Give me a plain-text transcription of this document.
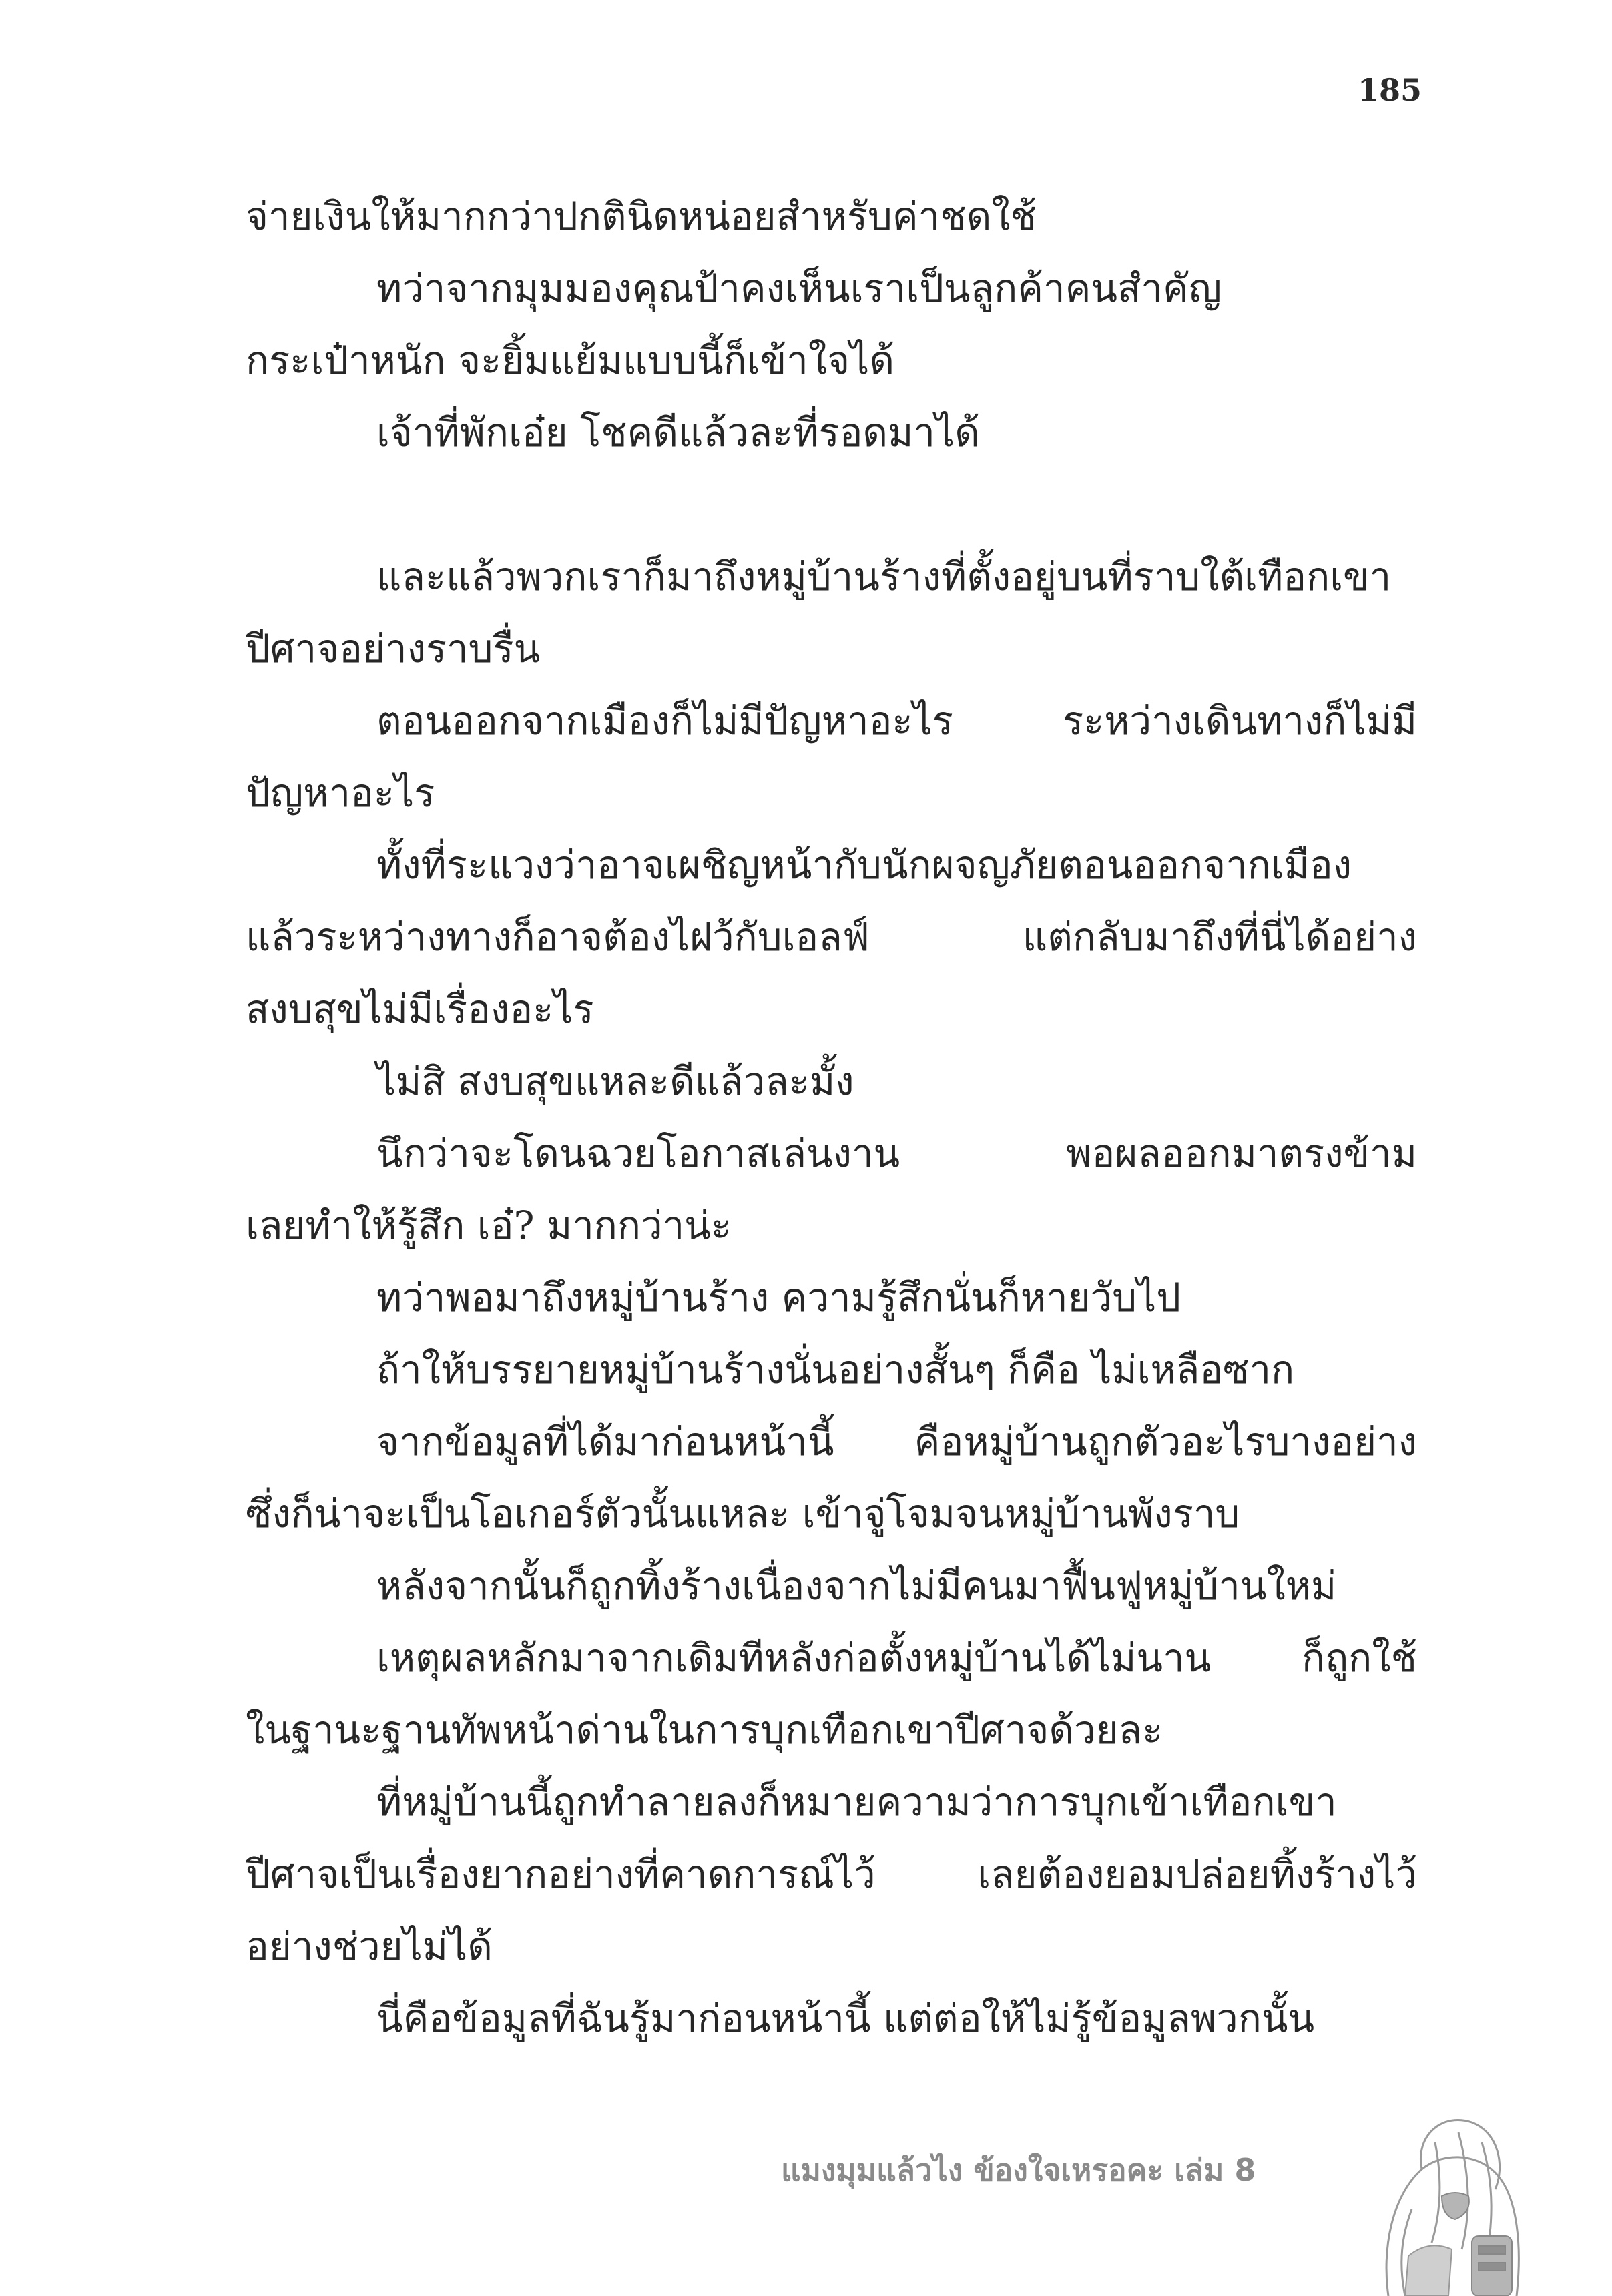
185
จ่ายเงินให้มากกว่าปกตินิดหน่อยสำหรับค่าชดใช้
ทว่าจากมุมมองคุณป้าคงเห็นเราเป็นลูกค้าคนสำคัญ
กระเป๋าหนัก จะยิ้มแย้มแบบนี้ก็เข้าใจได้
เจ้าที่พักเอ๋ย โชคดีแล้วละที่รอดมาได้
และแล้วพวกเราก็มาถึงหมู่บ้านร้างที่ตั้งอยู่บนที่ราบใต้เทือกเขา
ปีศาจอย่างราบรื่น
ตอนออกจากเมืองก็ไม่มีปัญหาอะไร ระหว่างเดินทางก็ไม่มี
ปัญหาอะไร
ทั้งที่ระแวงว่าอาจเผชิญหน้ากับนักผจญภัยตอนออกจากเมือง
แล้วระหว่างทางก็อาจต้องไฝว้กับเอลฟ์ แต่กลับมาถึงที่นี่ได้อย่าง
สงบสุขไม่มีเรื่องอะไร
ไม่สิ สงบสุขแหละดีแล้วละมั้ง
นึกว่าจะโดนฉวยโอกาสเล่นงาน พอผลออกมาตรงข้าม
เลยทำให้รู้สึก เอ๋? มากกว่าน่ะ
ทว่าพอมาถึงหมู่บ้านร้าง ความรู้สึกนั่นก็หายวับไป
ถ้าให้บรรยายหมู่บ้านร้างนั่นอย่างสั้นๆ ก็คือ ไม่เหลือซาก
จากข้อมูลที่ได้มาก่อนหน้านี้ คือหมู่บ้านถูกตัวอะไรบางอย่าง
ซึ่งก็น่าจะเป็นโอเกอร์ตัวนั้นแหละ เข้าจู่โจมจนหมู่บ้านพังราบ
หลังจากนั้นก็ถูกทิ้งร้างเนื่องจากไม่มีคนมาฟื้นฟูหมู่บ้านใหม่
เหตุผลหลักมาจากเดิมทีหลังก่อตั้งหมู่บ้านได้ไม่นาน ก็ถูกใช้
ในฐานะฐานทัพหน้าด่านในการบุกเทือกเขาปีศาจด้วยละ
ที่หมู่บ้านนี้ถูกทำลายลงก็หมายความว่าการบุกเข้าเทือกเขา
ปีศาจเป็นเรื่องยากอย่างที่คาดการณ์ไว้ เลยต้องยอมปล่อยทิ้งร้างไว้
อย่างช่วยไม่ได้
นี่คือข้อมูลที่ฉันรู้มาก่อนหน้านี้ แต่ต่อให้ไม่รู้ข้อมูลพวกนั้น
แมงมุมแล้วไง ข้องใจเหรอคะ เล่ม 8
